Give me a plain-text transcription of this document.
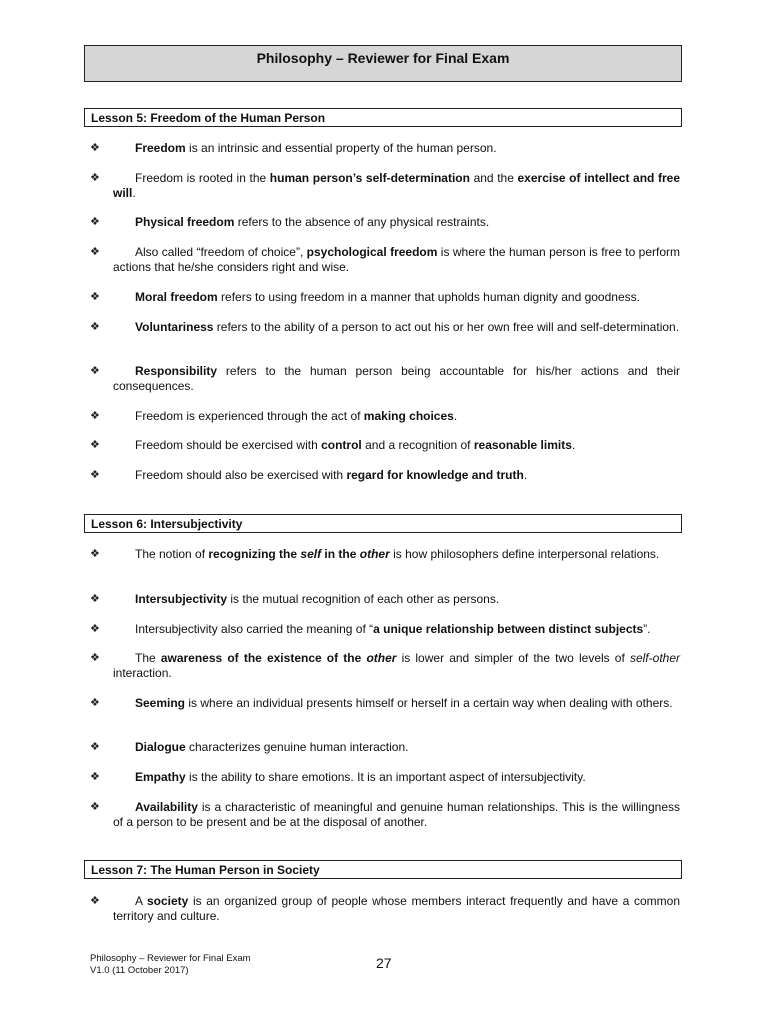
Philosophy – Reviewer for Final Exam
Lesson 5: Freedom of the Human Person
❖	Freedom is an intrinsic and essential property of the human person.
❖	Freedom is rooted in the human person’s self-determination and the exercise of intellect and free will.
❖	Physical freedom refers to the absence of any physical restraints.
❖	Also called “freedom of choice”, psychological freedom is where the human person is free to perform actions that he/she considers right and wise.
❖	Moral freedom refers to using freedom in a manner that upholds human dignity and goodness.
❖	Voluntariness refers to the ability of a person to act out his or her own free will and self-determination.
❖	Responsibility refers to the human person being accountable for his/her actions and their consequences.
❖	Freedom is experienced through the act of making choices.
❖	Freedom should be exercised with control and a recognition of reasonable limits.
❖	Freedom should also be exercised with regard for knowledge and truth.
Lesson 6: Intersubjectivity
❖	The notion of recognizing the self in the other is how philosophers define interpersonal relations.
❖	Intersubjectivity is the mutual recognition of each other as persons.
❖	Intersubjectivity also carried the meaning of “a unique relationship between distinct subjects”.
❖	The awareness of the existence of the other is lower and simpler of the two levels of self-other interaction.
❖	Seeming is where an individual presents himself or herself in a certain way when dealing with others.
❖	Dialogue characterizes genuine human interaction.
❖	Empathy is the ability to share emotions. It is an important aspect of intersubjectivity.
❖	Availability is a characteristic of meaningful and genuine human relationships. This is the willingness of a person to be present and be at the disposal of another.
Lesson 7: The Human Person in Society
❖	A society is an organized group of people whose members interact frequently and have a common territory and culture.
Philosophy – Reviewer for Final Exam
V1.0 (11 October 2017)	27
